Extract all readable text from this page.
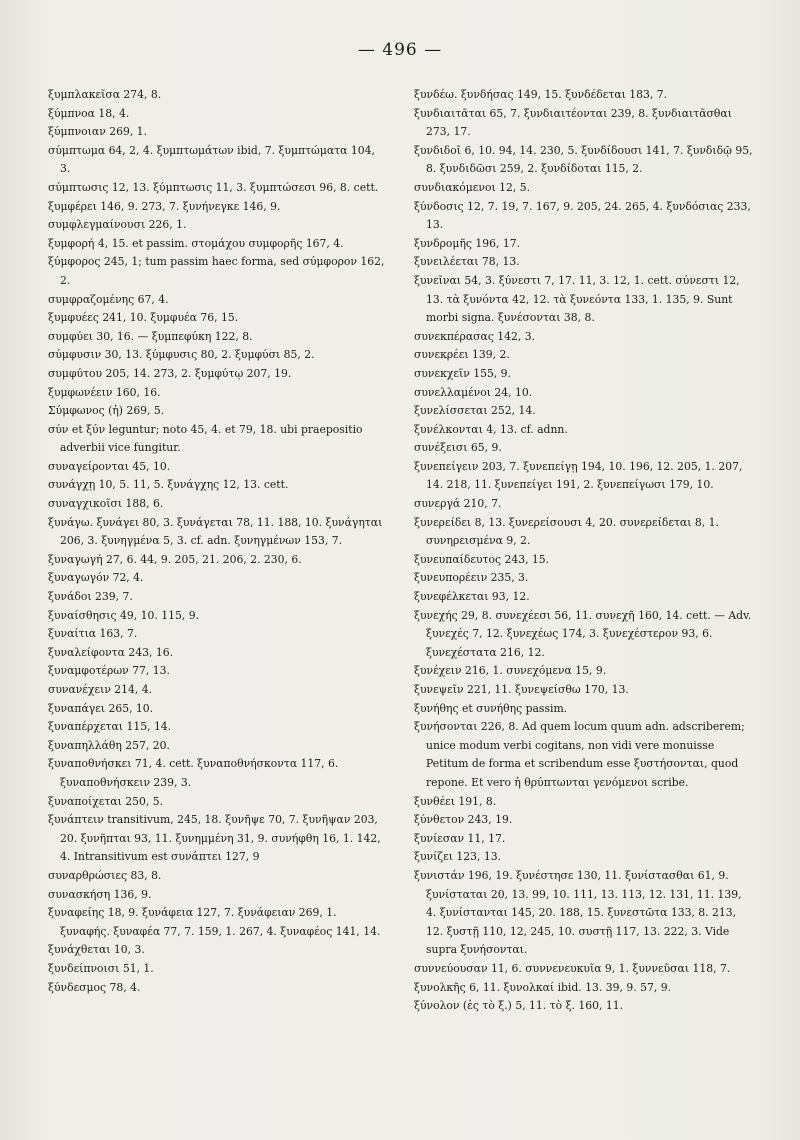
— 496 —

ξυμπλακεῖσα 274, 8.

ξύμπνοα 18, 4.

ξύμπνοιαν 269, 1.

σύμπτωμα 64, 2, 4. ξυμπτωμάτων ibid, 7. ξυμπτώματα 104, 3.

σύμπτωσις 12, 13. ξύμπτωσις 11, 3. ξυμπτώσεσι 96, 8. cett.

ξυμφέρει 146, 9. 273, 7. ξυνήνεγκε 146, 9.

συμφλεγμαίνουσι 226, 1.

ξυμφορή 4, 15. et passim. στομάχου συμφορῆς 167, 4.

ξύμφορος 245, 1; tum passim haec forma, sed σύμφορον 162, 2.

συμφραζομένης 67, 4.

ξυμφυέες 241, 10. ξυμφυέα 76, 15.

συμφύει 30, 16. — ξυμπεφύκη 122, 8.

σύμφυσιν 30, 13. ξύμφυσις 80, 2. ξυμφύσι 85, 2.

συμφύτου 205, 14. 273, 2. ξυμφύτῳ 207, 19.

ξυμφωνέειν 160, 16.

Σύμφωνος (ἡ) 269, 5.

σύν et ξύν leguntur; noto 45, 4. et 79, 18. ubi praepositio adverbii vice fungitur.

συναγείρονται 45, 10.

συνάγχῃ 10, 5. 11, 5. ξυνάγχης 12, 13. cett.

συναγχικοῖσι 188, 6.

ξυνάγω. ξυνάγει 80, 3. ξυνάγεται 78, 11. 188, 10. ξυνάγηται 206, 3. ξυνηγμένα 5, 3. cf. adn. ξυνηγμένων 153, 7.

ξυναγωγή 27, 6. 44, 9. 205, 21. 206, 2. 230, 6.

ξυναγωγόν 72, 4.

ξυνάδοι 239, 7.

ξυναίσθησις 49, 10. 115, 9.

ξυναίτια 163, 7.

ξυναλείφοντα 243, 16.

ξυναμφοτέρων 77, 13.

συνανέχειν 214, 4.

ξυναπάγει 265, 10.

ξυναπέρχεται 115, 14.

ξυναπηλλάθη 257, 20.

ξυναποθνήσκει 71, 4. cett. ξυναποθνήσκοντα 117, 6. ξυναποθνήσκειν 239, 3.

ξυναποίχεται 250, 5.

ξυνάπτειν transitivum, 245, 18. ξυνῆψε 70, 7. ξυνῆψαν 203, 20. ξυνῆπται 93, 11. ξυνημμένη 31, 9. συνήφθη 16, 1. 142, 4. Intransitivum est συνάπτει 127, 9

συναρθρώσιες 83, 8.

συνασκήση 136, 9.

ξυναφείης 18, 9. ξυνάφεια 127, 7. ξυνάφειαν 269, 1. ξυναφής. ξυναφέα 77, 7. 159, 1. 267, 4. ξυναφέος 141, 14.

ξυνάχθεται 10, 3.

ξυνδείπνοισι 51, 1.

ξύνδεσμος 78, 4.

ξυνδέω. ξυνδήσας 149, 15. ξυνδέδεται 183, 7.

ξυνδιαιτᾶται 65, 7. ξυνδιαιτέονται 239, 8. ξυνδιαιτᾶσθαι 273, 17.

ξυνδιδοῖ 6, 10. 94, 14. 230, 5. ξυνδίδουσι 141, 7. ξυνδιδῷ 95, 8. ξυνδιδῶσι 259, 2. ξυνδίδοται 115, 2.

συνδιακόμενοι 12, 5.

ξύνδοσις 12, 7. 19, 7. 167, 9. 205, 24. 265, 4. ξυνδόσιας 233, 13.

ξυνδρομῆς 196, 17.

ξυνειλέεται 78, 13.

ξυνεῖναι 54, 3. ξύνεστι 7, 17. 11, 3. 12, 1. cett. σύνεστι 12, 13. τὰ ξυνόντα 42, 12. τὰ ξυνεόντα 133, 1. 135, 9. Sunt morbi signa. ξυνέσονται 38, 8.

συνεκπέρασας 142, 3.

συνεκρέει 139, 2.

συνεκχεῖν 155, 9.

συνελλαμένοι 24, 10.

ξυνελίσσεται 252, 14.

ξυνέλκονται 4, 13. cf. adnn.

συνέξεισι 65, 9.

ξυνεπείγειν 203, 7. ξυνεπείγῃ 194, 10. 196, 12. 205, 1. 207, 14. 218, 11. ξυνεπείγει 191, 2. ξυνεπείγωσι 179, 10.

συνεργά 210, 7.

ξυνερείδει 8, 13. ξυνερείσουσι 4, 20. συνερείδεται 8, 1. συνηρεισμένα 9, 2.

ξυνευπαίδευτος 243, 15.

ξυνευπορέειν 235, 3.

ξυνεφέλκεται 93, 12.

ξυνεχής 29, 8. συνεχέεσι 56, 11. συνεχῆ 160, 14. cett. — Adv. ξυνεχές 7, 12. ξυνεχέως 174, 3. ξυνεχέστερον 93, 6. ξυνεχέστατα 216, 12.

ξυνέχειν 216, 1. συνεχόμενα 15, 9.

ξυνεψεῖν 221, 11. ξυνεψείσθω 170, 13.

ξυνήθης et συνήθης passim.

ξυνήσονται 226, 8. Ad quem locum quum adn. adscriberem; unice modum verbi cogitans, non vidi vere monuisse Petitum de forma et scribendum esse ξυστήσονται, quod repone. Et vero ἡ θρύπτωνται γενόμενοι scribe.

ξυνθέει 191, 8.

ξύνθετον 243, 19.

ξυνίεσαν 11, 17.

ξυνίζει 123, 13.

ξυνιστάν 196, 19. ξυνέστησε 130, 11. ξυνίστασθαι 61, 9. ξυνίσταται 20, 13. 99, 10. 111, 13. 113, 12. 131, 11. 139, 4. ξυνίστανται 145, 20. 188, 15. ξυνεστῶτα 133, 8. 213, 12. ξυστῇ 110, 12, 245, 10. συστῇ 117, 13. 222, 3. Vide supra ξυνήσονται.

συννεύουσαν 11, 6. συννενευκυῖα 9, 1. ξυννεῦσαι 118, 7.

ξυνολκῆς 6, 11. ξυνολκαί ibid. 13. 39, 9. 57, 9.

ξύνολον (ἐς τὸ ξ.) 5, 11. τὸ ξ. 160, 11.
